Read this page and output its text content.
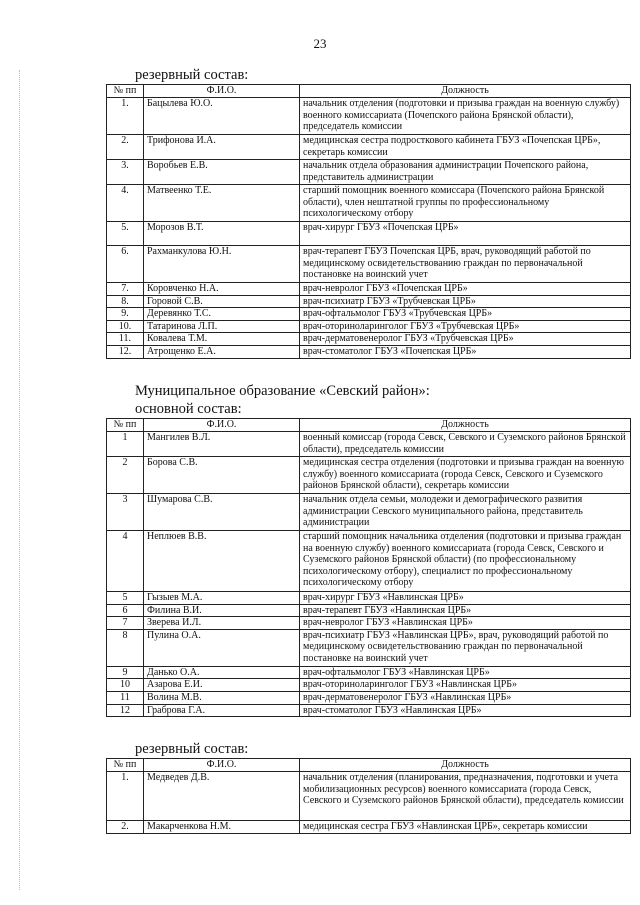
23
резервный состав:
№ пп	Ф.И.О.	Должность
1.	Бацылева Ю.О.	начальник отделения (подготовки и призыва граждан на военную службу) военного комиссариата (Почепского района Брянской области), председатель комиссии
2.	Трифонова И.А.	медицинская сестра подросткового кабинета ГБУЗ «Почепская ЦРБ», секретарь комиссии
3.	Воробьев Е.В.	начальник отдела образования администрации Почепского района, представитель администрации
4.	Матвеенко Т.Е.	старший помощник военного комиссара (Почепского района Брянской области), член нештатной группы по профессиональному психологическому отбору
5.	Морозов В.Т.	врач-хирург ГБУЗ «Почепская ЦРБ»
6.	Рахманкулова Ю.Н.	врач-терапевт ГБУЗ Почепская ЦРБ, врач, руководящий работой по медицинскому освидетельствованию граждан по первоначальной постановке на воинский учет
7.	Коровченко Н.А.	врач-невролог ГБУЗ «Почепская ЦРБ»
8.	Горовой С.В.	врач-психиатр ГБУЗ «Трубчевская ЦРБ»
9.	Деревянко Т.С.	врач-офтальмолог ГБУЗ «Трубчевская ЦРБ»
10.	Татаринова Л.П.	врач-оториноларинголог ГБУЗ «Трубчевская ЦРБ»
11.	Ковалева Т.М.	врач-дерматовенеролог ГБУЗ «Трубчевская ЦРБ»
12.	Атрощенко Е.А.	врач-стоматолог ГБУЗ «Почепская ЦРБ»
Муниципальное образование «Севский район»:
основной состав:
№ пп	Ф.И.О.	Должность
1	Мангилев В.Л.	военный комиссар (города Севск, Севского и Суземского районов Брянской области), председатель комиссии
2	Борова С.В.	медицинская сестра отделения (подготовки и призыва граждан на военную службу) военного комиссариата (города Севск, Севского и Суземского районов Брянской области), секретарь комиссии
3	Шумарова С.В.	начальник отдела семьи, молодежи и демографического развития администрации Севского муниципального района, представитель администрации
4	Неплюев В.В.	старший помощник начальника отделения (подготовки и призыва граждан на военную службу) военного комиссариата (города Севск, Севского и Суземского районов Брянской области) (по профессиональному психологическому отбору), специалист по профессиональному психологическому отбору
5	Гызыев М.А.	врач-хирург ГБУЗ «Навлинская ЦРБ»
6	Филина В.И.	врач-терапевт ГБУЗ «Навлинская ЦРБ»
7	Зверева И.Л.	врач-невролог ГБУЗ «Навлинская ЦРБ»
8	Пулина О.А.	врач-психиатр ГБУЗ «Навлинская ЦРБ», врач, руководящий работой по медицинскому освидетельствованию граждан по первоначальной постановке на воинский учет
9	Данько О.А.	врач-офтальмолог ГБУЗ «Навлинская ЦРБ»
10	Азарова Е.И.	врач-оториноларинголог ГБУЗ «Навлинская ЦРБ»
11	Волина М.В.	врач-дерматовенеролог ГБУЗ «Навлинская ЦРБ»
12	Граброва Г.А.	врач-стоматолог ГБУЗ «Навлинская ЦРБ»
резервный состав:
№ пп	Ф.И.О.	Должность
1.	Медведев Д.В.	начальник отделения (планирования, предназначения, подготовки и учета мобилизационных ресурсов) военного комиссариата (города Севск, Севского и Суземского районов Брянской области), председатель комиссии
2.	Макарченкова Н.М.	медицинская сестра ГБУЗ «Навлинская ЦРБ», секретарь комиссии
